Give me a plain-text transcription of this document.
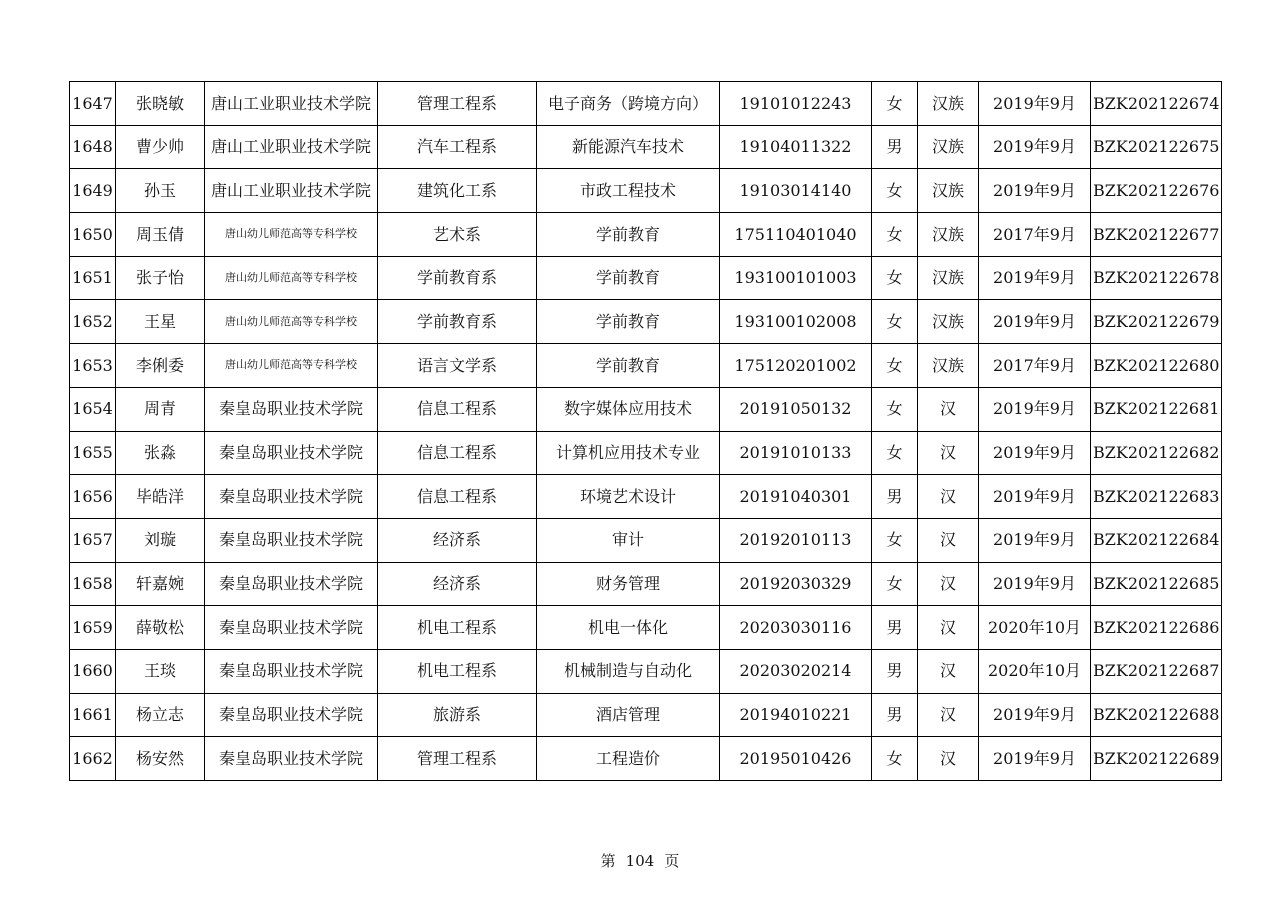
1647	张晓敏	唐山工业职业技术学院	管理工程系	电子商务（跨境方向）	19101012243	女	汉族	2019年9月	BZK202122674
1648	曹少帅	唐山工业职业技术学院	汽车工程系	新能源汽车技术	19104011322	男	汉族	2019年9月	BZK202122675
1649	孙玉	唐山工业职业技术学院	建筑化工系	市政工程技术	19103014140	女	汉族	2019年9月	BZK202122676
1650	周玉倩	唐山幼儿师范高等专科学校	艺术系	学前教育	175110401040	女	汉族	2017年9月	BZK202122677
1651	张子怡	唐山幼儿师范高等专科学校	学前教育系	学前教育	193100101003	女	汉族	2019年9月	BZK202122678
1652	王星	唐山幼儿师范高等专科学校	学前教育系	学前教育	193100102008	女	汉族	2019年9月	BZK202122679
1653	李俐委	唐山幼儿师范高等专科学校	语言文学系	学前教育	175120201002	女	汉族	2017年9月	BZK202122680
1654	周青	秦皇岛职业技术学院	信息工程系	数字媒体应用技术	20191050132	女	汉	2019年9月	BZK202122681
1655	张淼	秦皇岛职业技术学院	信息工程系	计算机应用技术专业	20191010133	女	汉	2019年9月	BZK202122682
1656	毕皓洋	秦皇岛职业技术学院	信息工程系	环境艺术设计	20191040301	男	汉	2019年9月	BZK202122683
1657	刘璇	秦皇岛职业技术学院	经济系	审计	20192010113	女	汉	2019年9月	BZK202122684
1658	轩嘉婉	秦皇岛职业技术学院	经济系	财务管理	20192030329	女	汉	2019年9月	BZK202122685
1659	薛敬松	秦皇岛职业技术学院	机电工程系	机电一体化	20203030116	男	汉	2020年10月	BZK202122686
1660	王琰	秦皇岛职业技术学院	机电工程系	机械制造与自动化	20203020214	男	汉	2020年10月	BZK202122687
1661	杨立志	秦皇岛职业技术学院	旅游系	酒店管理	20194010221	男	汉	2019年9月	BZK202122688
1662	杨安然	秦皇岛职业技术学院	管理工程系	工程造价	20195010426	女	汉	2019年9月	BZK202122689
第 104 页
